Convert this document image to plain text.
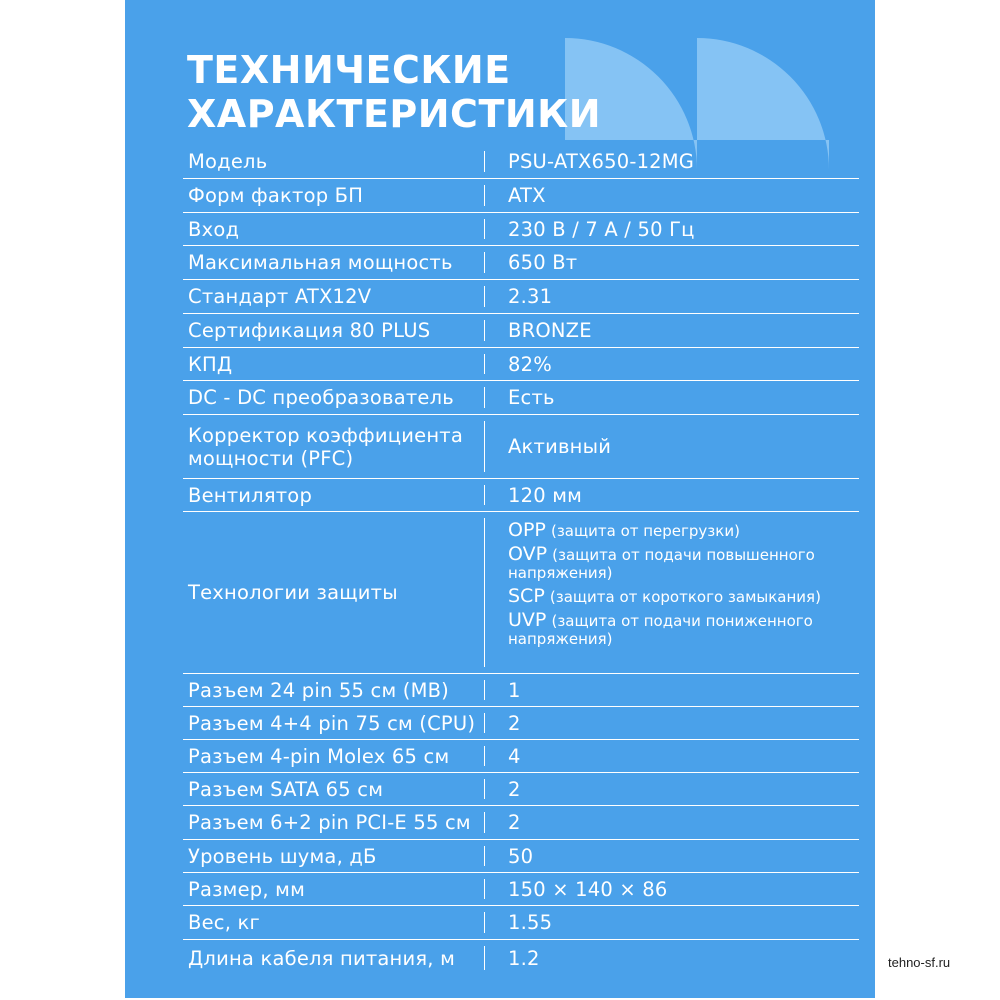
ТЕХНИЧЕСКИЕ
ХАРАКТЕРИСТИКИ
Модель	PSU-ATX650-12MG
Форм фактор БП	ATX
Вход	230 В / 7 А / 50 Гц
Максимальная мощность	650 Вт
Стандарт ATX12V	2.31
Сертификация 80 PLUS	BRONZE
КПД	82%
DC - DC преобразователь	Есть
Корректор коэффициента мощности (PFC)	Активный
Вентилятор	120 мм
Технологии защиты
OPP (защита от перегрузки)
OVP (защита от подачи повышенного напряжения)
SCP (защита от короткого замыкания)
UVP (защита от подачи пониженного напряжения)
Разъем 24 pin 55 см (MB)	1
Разъем 4+4 pin 75 см (CPU)	2
Разъем 4-pin Molex 65 см	4
Разъем SATA 65 см	2
Разъем 6+2 pin PCI-E 55 см	2
Уровень шума, дБ	50
Размер, мм	150 × 140 × 86
Вес, кг	1.55
Длина кабеля питания, м	1.2	tehno-sf.ru
